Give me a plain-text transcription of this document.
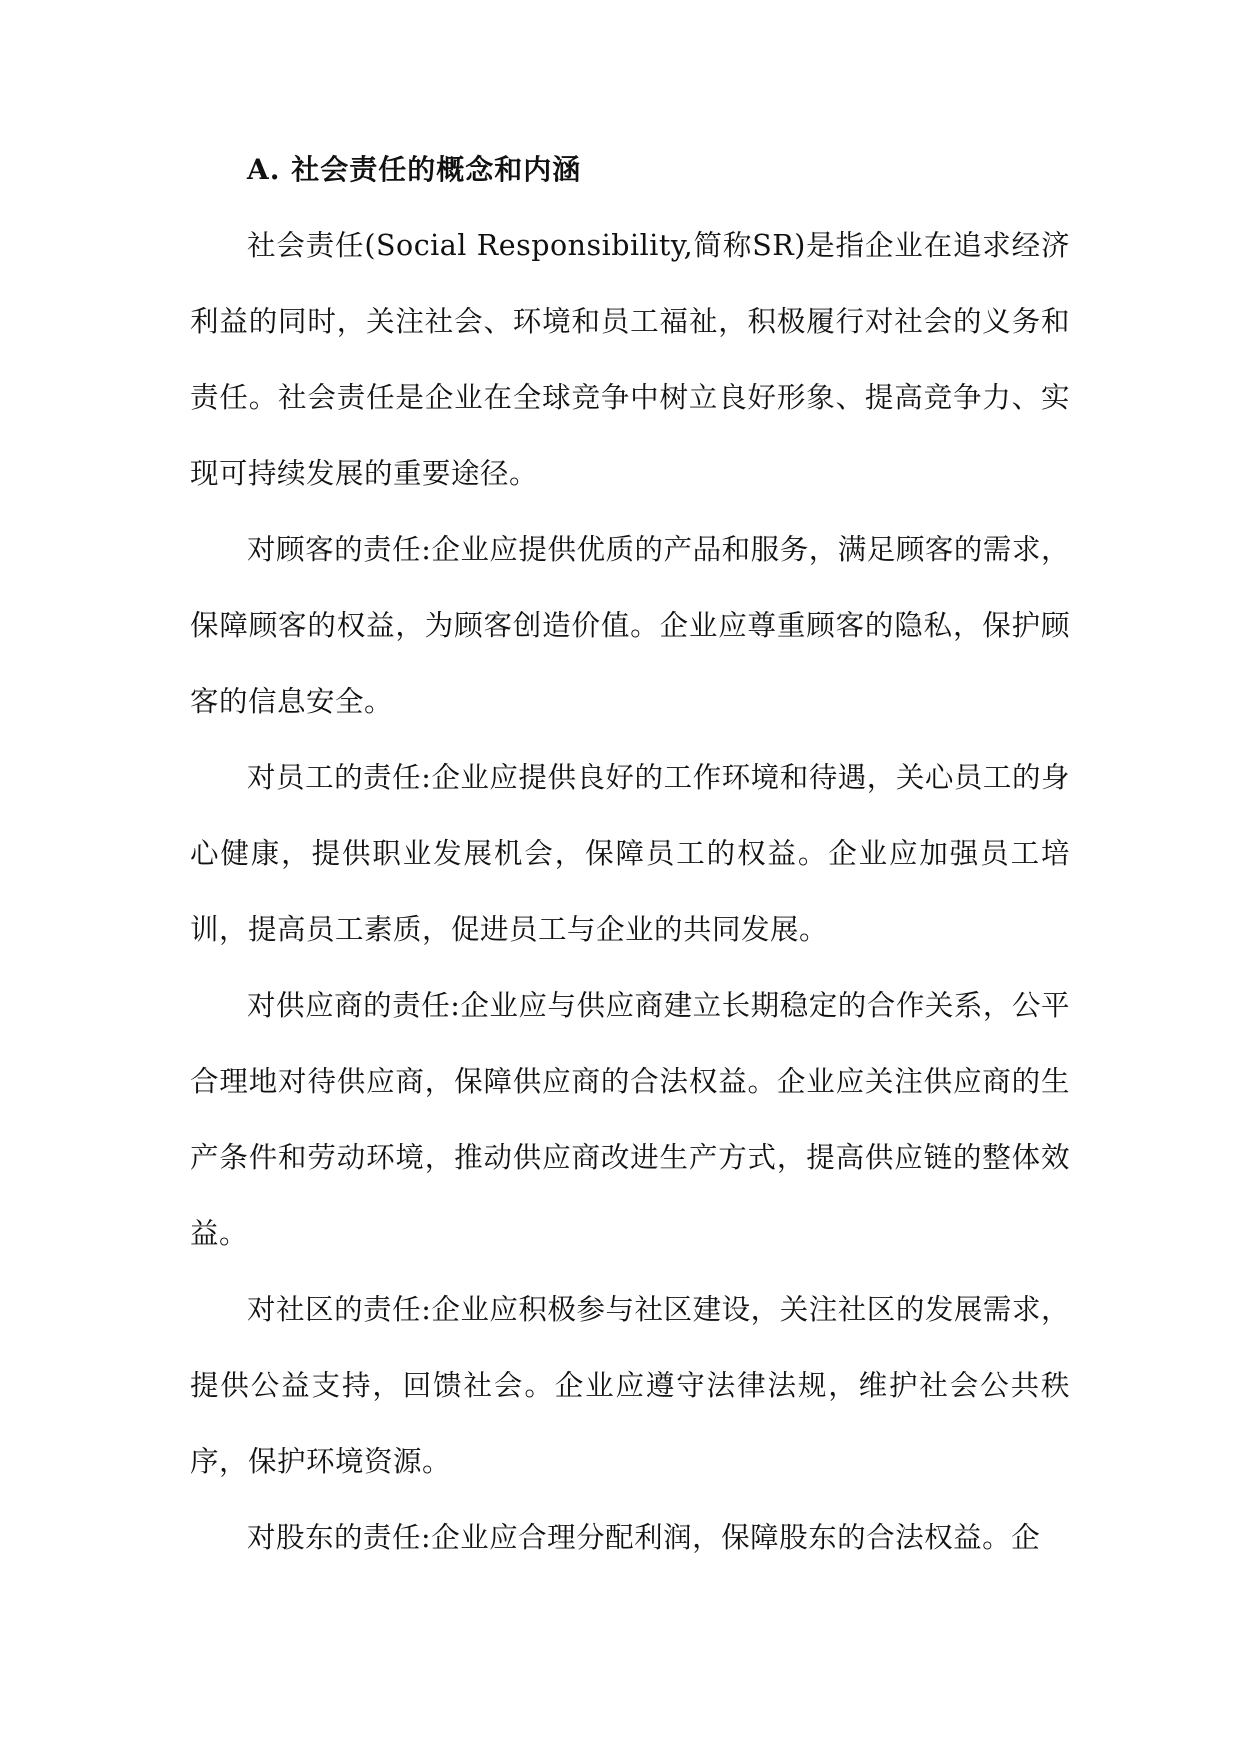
A. 社会责任的概念和内涵

社会责任(Social Responsibility,简称SR)是指企业在追求经济利益的同时，关注社会、环境和员工福祉，积极履行对社会的义务和责任。社会责任是企业在全球竞争中树立良好形象、提高竞争力、实现可持续发展的重要途径。

对顾客的责任:企业应提供优质的产品和服务，满足顾客的需求，保障顾客的权益，为顾客创造价值。企业应尊重顾客的隐私，保护顾客的信息安全。

对员工的责任:企业应提供良好的工作环境和待遇，关心员工的身心健康，提供职业发展机会，保障员工的权益。企业应加强员工培训，提高员工素质，促进员工与企业的共同发展。

对供应商的责任:企业应与供应商建立长期稳定的合作关系，公平合理地对待供应商，保障供应商的合法权益。企业应关注供应商的生产条件和劳动环境，推动供应商改进生产方式，提高供应链的整体效益。

对社区的责任:企业应积极参与社区建设，关注社区的发展需求，提供公益支持，回馈社会。企业应遵守法律法规，维护社会公共秩序，保护环境资源。

对股东的责任:企业应合理分配利润，保障股东的合法权益。企
